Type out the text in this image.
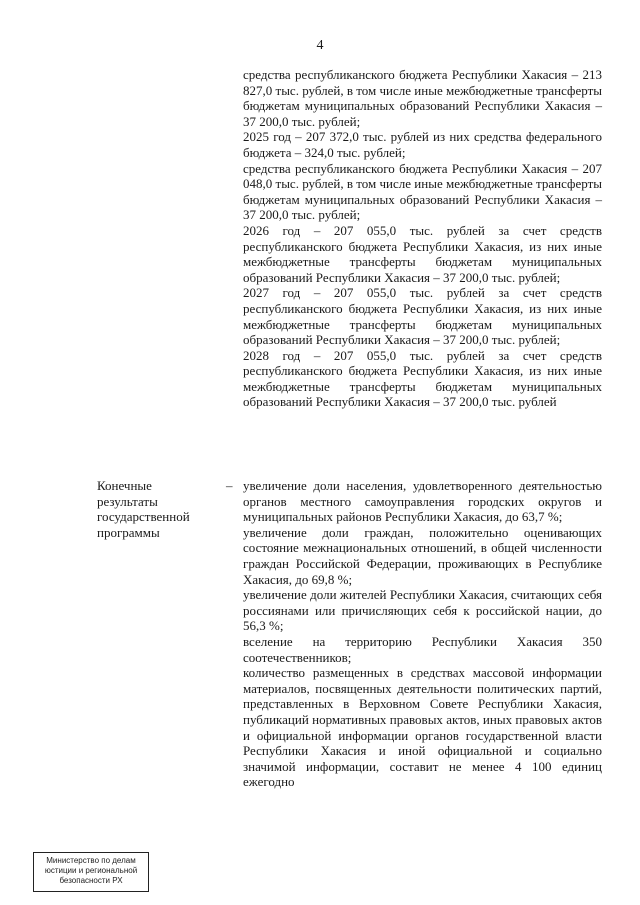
4

средства республиканского бюджета Республики Хакасия – 213 827,0 тыс. рублей, в том числе иные межбюджетные трансферты бюджетам муниципальных образований Республики Хакасия – 37 200,0 тыс. рублей;

2025 год – 207 372,0 тыс. рублей из них средства федерального бюджета – 324,0 тыс. рублей;

средства республиканского бюджета Республики Хакасия – 207 048,0 тыс. рублей, в том числе иные межбюджетные трансферты бюджетам муниципальных образований Республики Хакасия – 37 200,0 тыс. рублей;

2026 год – 207 055,0 тыс. рублей за счет средств республиканского бюджета Республики Хакасия, из них иные межбюджетные трансферты бюджетам муниципальных образований Республики Хакасия – 37 200,0 тыс. рублей;

2027 год – 207 055,0 тыс. рублей за счет средств республиканского бюджета Республики Хакасия, из них иные межбюджетные трансферты бюджетам муниципальных образований Республики Хакасия – 37 200,0 тыс. рублей;

2028 год – 207 055,0 тыс. рублей за счет средств республиканского бюджета Республики Хакасия, из них иные межбюджетные трансферты бюджетам муниципальных образований Республики Хакасия – 37 200,0 тыс. рублей

Конечные
результаты
государственной
программы
– увеличение доли населения, удовлетворенного деятельностью органов местного самоуправления городских округов и муниципальных районов Республики Хакасия, до 63,7 %;

увеличение доли граждан, положительно оценивающих состояние межнациональных отношений, в общей численности граждан Российской Федерации, проживающих в Республике Хакасия, до 69,8 %;

увеличение доли жителей Республики Хакасия, считающих себя россиянами или причисляющих себя к российской нации, до 56,3 %;

вселение на территорию Республики Хакасия 350 соотечественников;

количество размещенных в средствах массовой информации материалов, посвященных деятельности политических партий, представленных в Верховном Совете Республики Хакасия, публикаций нормативных правовых актов, иных правовых актов и официальной информации органов государственной власти Республики Хакасия и иной официальной и социально значимой информации, составит не менее 4 100 единиц ежегодно

Министерство по делам
юстиции и региональной
безопасности РХ
